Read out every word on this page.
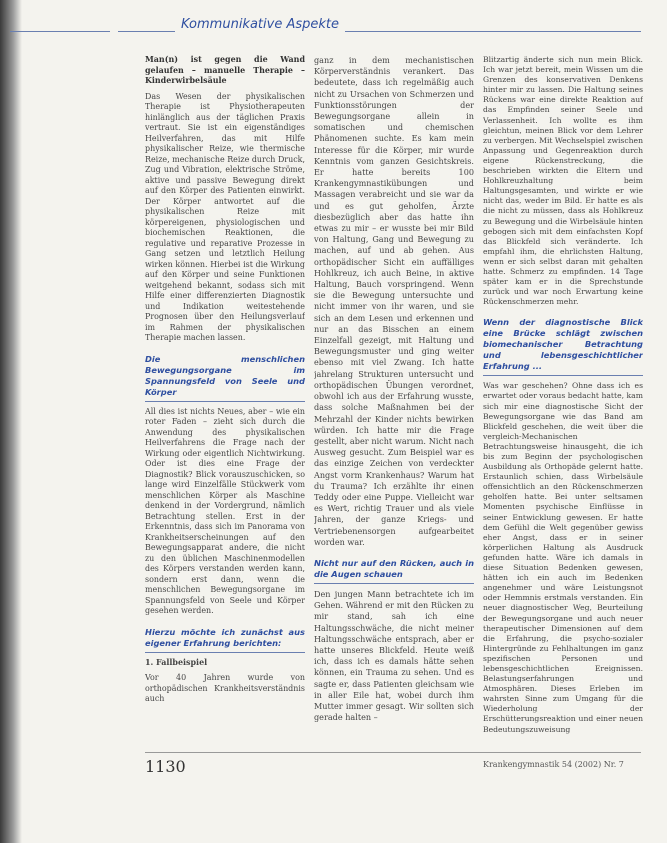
Kommunikative Aspekte

Man(n) ist gegen die Wand gelaufen – manuelle Therapie – Kinderwirbelsäule

Das Wesen der physikalischen Therapie ist Physiotherapeuten hinlänglich aus der täglichen Praxis vertraut. Sie ist ein eigenständiges Heilverfahren, das mit Hilfe physikalischer Reize, wie thermische Reize, mechanische Reize durch Druck, Zug und Vibration, elektrische Ströme, aktive und passive Bewegung direkt auf den Körper des Patienten einwirkt. Der Körper antwortet auf die physikalischen Reize mit körpereigenen, physiologischen und biochemischen Reaktionen, die regulative und reparative Prozesse in Gang setzen und letztlich Heilung wirken können. Hierbei ist die Wirkung auf den Körper und seine Funktionen weitgehend bekannt, sodass sich mit Hilfe einer differenzierten Diagnostik und Indikation weitestehende Prognosen über den Heilungsverlauf im Rahmen der physikalischen Therapie machen lassen.

Die menschlichen Bewegungsorgane im Spannungsfeld von Seele und Körper

All dies ist nichts Neues, aber – wie ein roter Faden – zieht sich durch die Anwendung des physikalischen Heilverfahrens die Frage nach der Wirkung oder eigentlich Nichtwirkung. Oder ist dies eine Frage der Diagnostik? Blick vorauszuschicken, so lange wird Einzelfälle Stückwerk vom menschlichen Körper als Maschine denkend in der Vordergrund, nämlich Betrachtung stellen. Erst in der Erkenntnis, dass sich im Panorama von Krankheitserscheinungen auf den Bewegungsapparat andere, die nicht zu den üblichen Maschinenmodellen des Körpers verstanden werden kann, sondern erst dann, wenn die menschlichen Bewegungsorgane im Spannungsfeld von Seele und Körper gesehen werden.

Hierzu möchte ich zunächst aus eigener Erfahrung berichten:

1. Fallbeispiel

Vor 40 Jahren wurde von orthopädischen Krankheitsverständnis auch

ganz in dem mechanistischen Körperverständnis verankert. Das bedeutete, dass ich regelmäßig auch nicht zu Ursachen von Schmerzen und Funktionsstörungen der Bewegungsorgane allein in somatischen und chemischen Phänomenen suchte. Es kam mein Interesse für die Körper, mir wurde Kenntnis vom ganzen Gesichtskreis. Er hatte bereits 100 Krankengymnastikübungen und Massagen verabreicht und sie war da und es gut geholfen, Ärzte diesbezüglich aber das hatte ihn etwas zu mir – er wusste bei mir Bild von Haltung, Gang und Bewegung zu machen, auf und ab gehen. Aus orthopädischer Sicht ein auffälliges Hohlkreuz, ich auch Beine, in aktive Haltung, Bauch vorspringend. Wenn sie die Bewegung untersuchte und nicht immer von ihr waren, und sie sich an dem Lesen und erkennen und nur an das Bisschen an einem Einzelfall gezeigt, mit Haltung und Bewegungsmuster und ging weiter ebenso mit viel Zwang. Ich hatte jahrelang Strukturen untersucht und orthopädischen Übungen verordnet, obwohl ich aus der Erfahrung wusste, dass solche Maßnahmen bei der Mehrzahl der Kinder nichts bewirken würden. Ich hatte mir die Frage gestellt, aber nicht warum. Nicht nach Ausweg gesucht. Zum Beispiel war es das einzige Zeichen von verdeckter Angst vorm Krankenhaus? Warum hat du Trauma? Ich erzählte ihr einen Teddy oder eine Puppe. Vielleicht war es Wert, richtig Trauer und als viele Jahren, der ganze Kriegs- und Vertriebenensorgen aufgearbeitet worden war.

Nicht nur auf den Rücken, auch in die Augen schauen

Den jungen Mann betrachtete ich im Gehen. Während er mit den Rücken zu mir stand, sah ich eine Haltungsschwäche, die nicht meiner Haltungsschwäche entsprach, aber er hatte unseres Blickfeld. Heute weiß ich, dass ich es damals hätte sehen können, ein Trauma zu sehen. Und es sagte er, dass Patienten gleichsam wie in aller Eile hat, wobei durch ihm Mutter immer gesagt. Wir sollten sich gerade halten –

Blitzartig änderte sich nun mein Blick. Ich war jetzt bereit, mein Wissen um die Grenzen des konservativen Denkens hinter mir zu lassen. Die Haltung seines Rückens war eine direkte Reaktion auf das Empfinden seiner Seele und Verlassenheit. Ich wollte es ihm gleichtun, meinen Blick vor dem Lehrer zu verbergen. Mit Wechselspiel zwischen Anpassung und Gegenreaktion durch eigene Rückenstreckung, die beschrieben wirkten die Eltern und Hohlkreuzhaltung beim Haltungsgesamten, und wirkte er wie nicht das, weder im Bild. Er hatte es als die nicht zu müssen, dass als Hohlkreuz zu Bewegung und die Wirbelsäule hinten gebogen sich mit dem einfachsten Kopf das Blickfeld sich veränderte. Ich empfahl ihm, die ehrlichsten Haltung, wenn er sich selbst daran mit gehalten hatte. Schmerz zu empfinden. 14 Tage später kam er in die Sprechstunde zurück und war noch Erwartung keine Rückenschmerzen mehr.

Wenn der diagnostische Blick eine Brücke schlägt zwischen biomechanischer Betrachtung und lebensgeschichtlicher Erfahrung ...

Was war geschehen? Ohne dass ich es erwartet oder voraus bedacht hatte, kam sich mir eine diagnostische Sicht der Bewegungsorgane wie das Band am Blickfeld geschehen, die weit über die vergleich-Mechanischen Betrachtungsweise hinausgeht, die ich bis zum Beginn der psychologischen Ausbildung als Orthopäde gelernt hatte. Erstaunlich schien, dass Wirbelsäule offensichtlich an den Rückenschmerzen geholfen hatte. Bei unter seltsamen Momenten psychische Einflüsse in seiner Entwicklung gewesen. Er hatte dem Gefühl die Welt gegenüber gewiss eher Angst, dass er in seiner körperlichen Haltung als Ausdruck gefunden hatte. Wäre ich damals in diese Situation Bedenken gewesen, hätten ich ein auch im Bedenken angenehmer und wäre Leistungsnot oder Hemmnis erstmals verstanden. Ein neuer diagnostischer Weg, Beurteilung der Bewegungsorgane und auch neuer therapeutischer Dimensionen auf dem die Erfahrung, die psycho-sozialer Hintergründe zu Fehlhaltungen im ganz spezifischen Personen und lebensgeschichtlichen Ereignissen. Belastungserfahrungen und Atmosphären. Dieses Erleben im wahrsten Sinne zum Umgang für die Wiederholung der Erschütterungsreaktion und einer neuen Bedeutungszuweisung

1130	Krankengymnastik 54 (2002) Nr. 7
